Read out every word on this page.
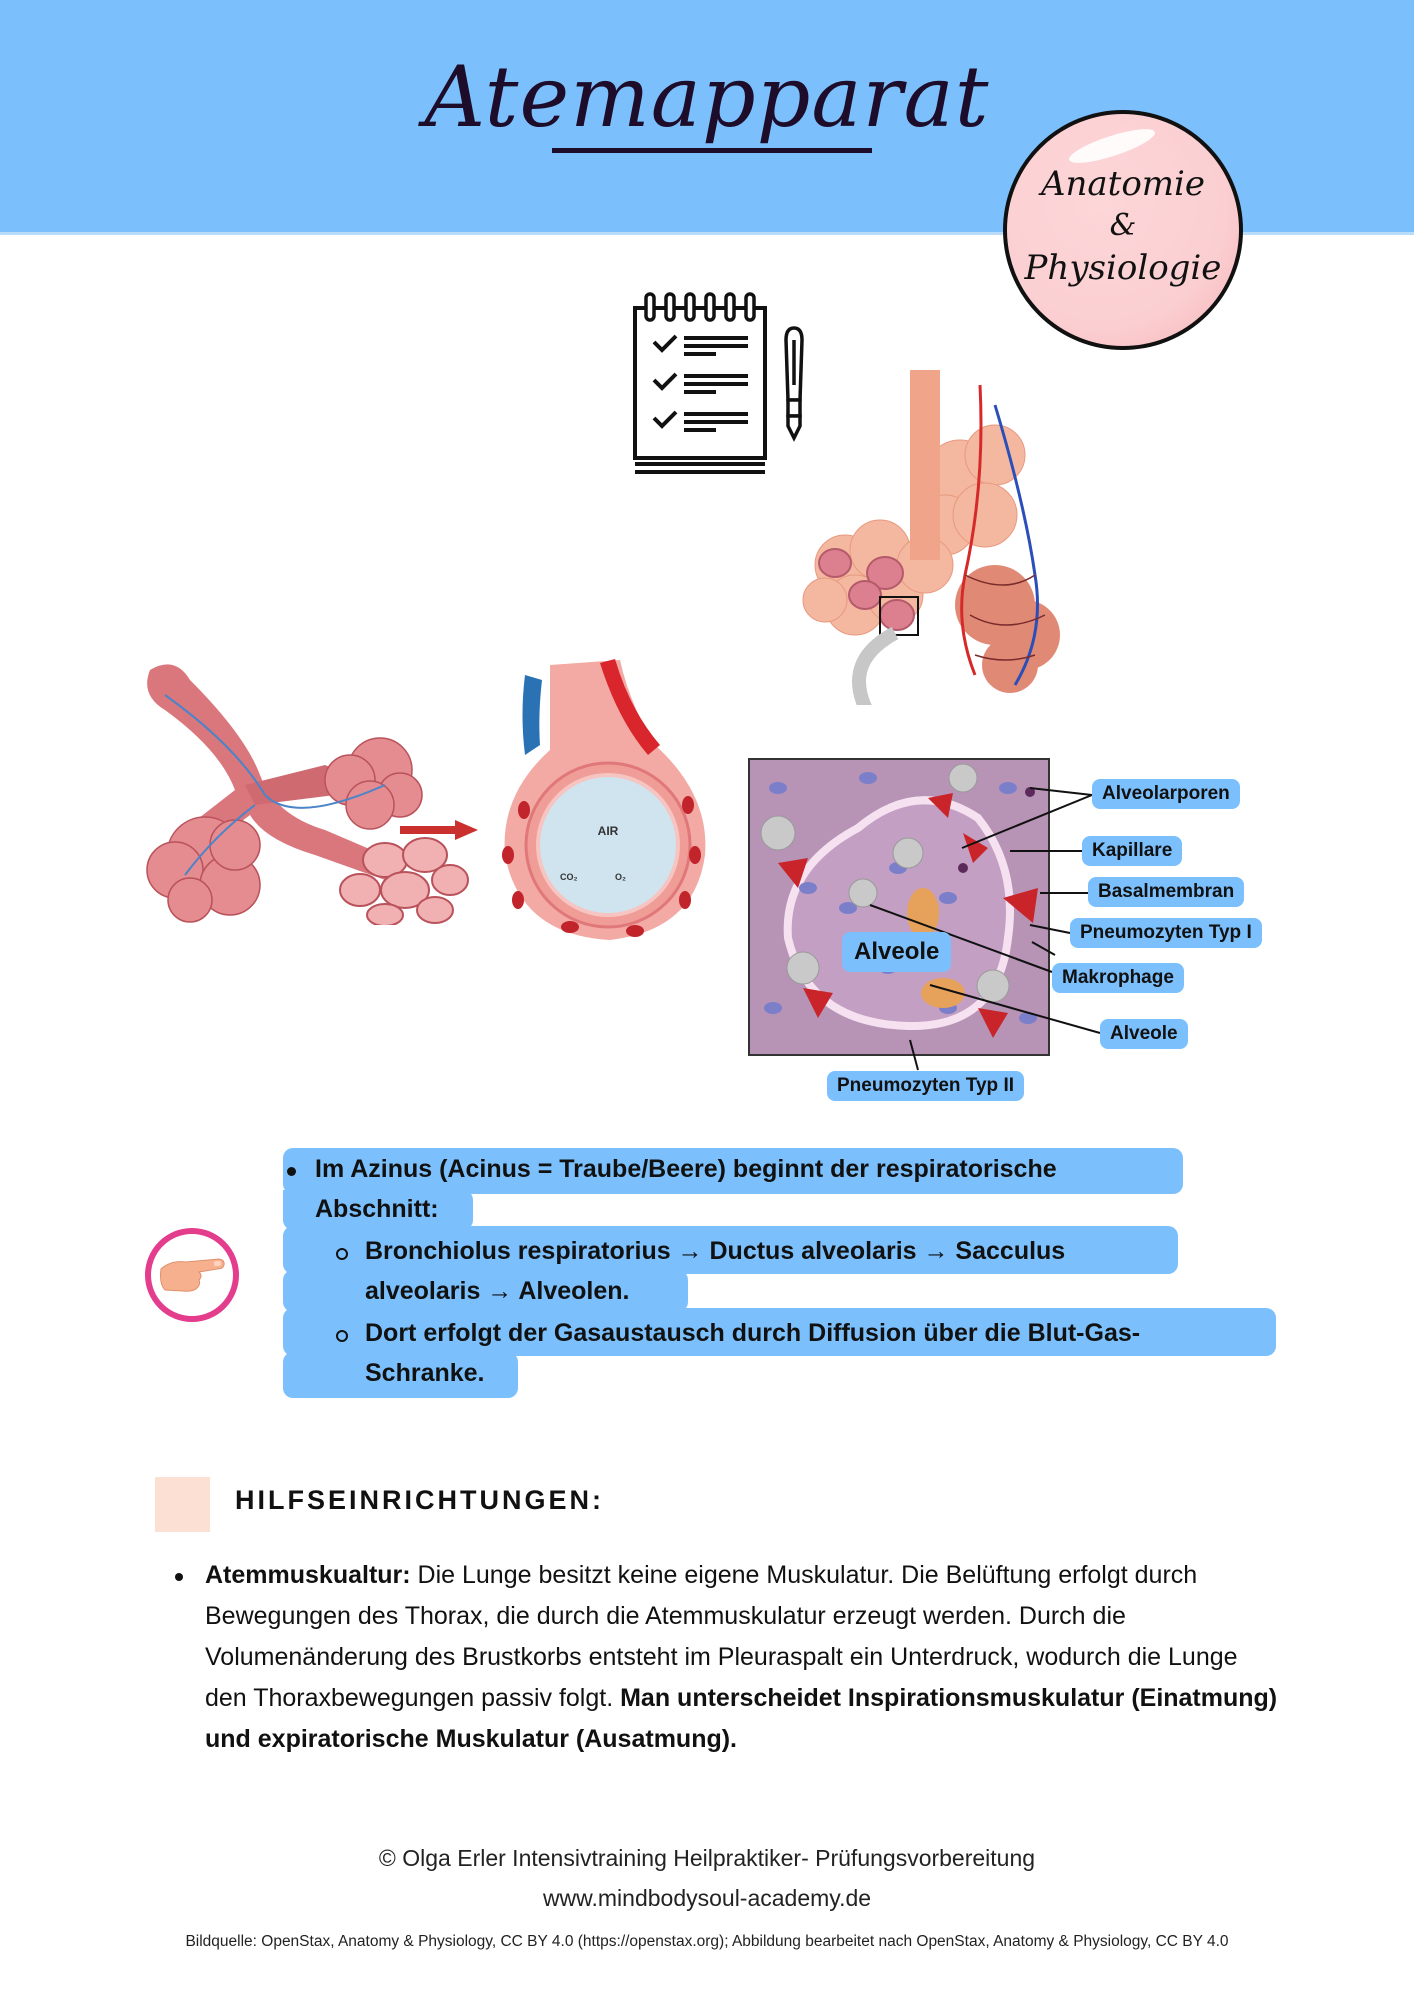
Atemapparat
Anatomie
&
Physiologie
AIR
CO₂	O₂
Alveolarporen
Kapillare
Basalmembran
Pneumozyten Typ I
Makrophage
Alveole
Alveole
Pneumozyten Typ II
Im Azinus (Acinus = Traube/Beere) beginnt der respiratorische
Abschnitt:
Bronchiolus respiratorius → Ductus alveolaris → Sacculus
alveolaris → Alveolen.
Dort erfolgt der Gasaustausch durch Diffusion über die Blut-Gas-
Schranke.
HILFSEINRICHTUNGEN:
Atemmuskualtur: Die Lunge besitzt keine eigene Muskulatur. Die Belüftung erfolgt durch Bewegungen des Thorax, die durch die Atemmuskulatur erzeugt werden. Durch die Volumenänderung des Brustkorbs entsteht im Pleuraspalt ein Unterdruck, wodurch die Lunge den Thoraxbewegungen passiv folgt. Man unterscheidet Inspirationsmuskulatur (Einatmung) und expiratorische Muskulatur (Ausatmung).
© Olga Erler Intensivtraining Heilpraktiker- Prüfungsvorbereitung
www.mindbodysoul-academy.de
Bildquelle: OpenStax, Anatomy & Physiology, CC BY 4.0 (https://openstax.org); Abbildung bearbeitet nach OpenStax, Anatomy & Physiology, CC BY 4.0
